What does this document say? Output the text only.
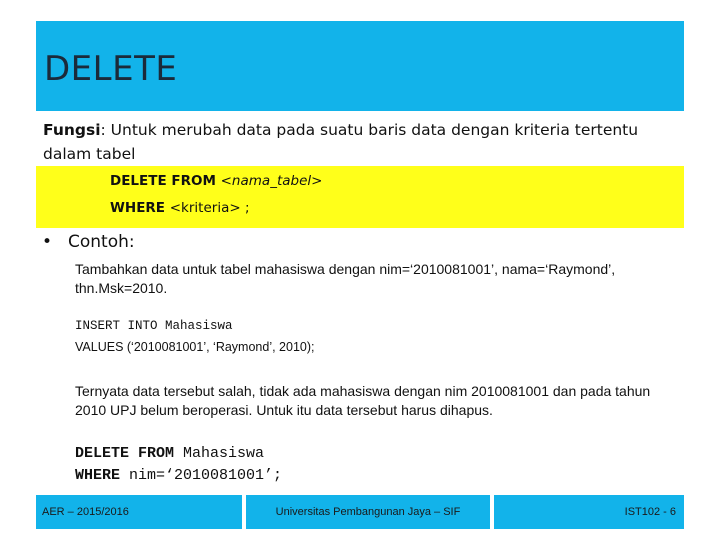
DELETE
Fungsi: Untuk merubah data pada suatu baris data dengan kriteria tertentu dalam tabel
DELETE FROM <nama_tabel>
WHERE <kriteria> ;
• Contoh:
Tambahkan data untuk tabel mahasiswa dengan nim=‘2010081001’, nama=‘Raymond’, thn.Msk=2010.
INSERT INTO Mahasiswa
VALUES (‘2010081001’, ‘Raymond’, 2010);
Ternyata data tersebut salah, tidak ada mahasiswa dengan nim 2010081001 dan pada tahun 2010 UPJ belum beroperasi. Untuk itu data tersebut harus dihapus.
DELETE FROM Mahasiswa
WHERE nim=‘2010081001’;
AER – 2015/2016	Universitas Pembangunan Jaya – SIF	IST102 - 6
